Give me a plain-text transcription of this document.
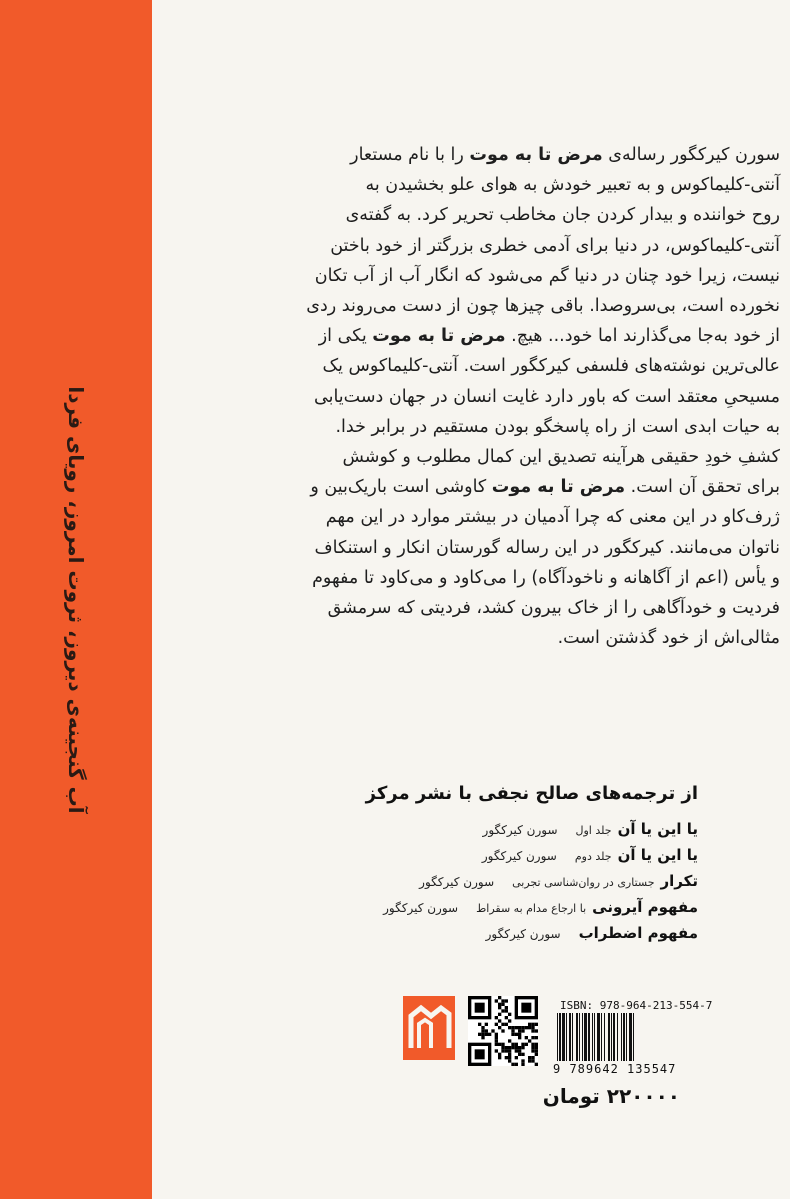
آب گنجینه‌ی دیروز، ثروت امروز، رویای فردا
سورن کیرکگور رساله‌ی مرض تا به موت را با نام مستعار
آنتی-کلیماکوس و به تعبیر خودش به هوای علو بخشیدن به
روح خواننده و بیدار کردن جان مخاطب تحریر کرد. به گفته‌ی
آنتی-کلیماکوس، در دنیا برای آدمی خطری بزرگتر از خود باختن
نیست، زیرا خود چنان در دنیا گم می‌شود که انگار آب از آب تکان
نخورده است، بی‌سروصدا. باقی چیزها چون از دست می‌روند ردی
از خود به‌جا می‌گذارند اما خود... هیچ. مرض تا به موت یکی از
عالی‌ترین نوشته‌های فلسفی کیرکگور است. آنتی-کلیماکوس یک
مسیحیِ معتقد است که باور دارد غایت انسان در جهان دست‌یابی
به حیات ابدی است از راه پاسخگو بودن مستقیم در برابر خدا.
کشفِ خودِ حقیقی هرآینه تصدیق این کمال مطلوب و کوشش
برای تحقق آن است. مرض تا به موت کاوشی است باریک‌بین و
ژرف‌کاو در این معنی که چرا آدمیان در بیشتر موارد در این مهم
ناتوان می‌مانند. کیرکگور در این رساله گورستان انکار و استنکاف
و یأس (اعم از آگاهانه و ناخودآگاه) را می‌کاود و می‌کاود تا مفهوم
فردیت و خودآگاهی را از خاک بیرون کشد، فردیتی که سرمشق
مثالی‌اش از خود گذشتن است.
از ترجمه‌های صالح نجفی با نشر مرکز
یا این یا آن
جلد اول
سورن کیرکگور
یا این یا آن
جلد دوم
سورن کیرکگور
تکرار
جستاری در روان‌شناسی تجربی
سورن کیرکگور
مفهوم آیرونی
با ارجاع مدام به سقراط
سورن کیرکگور
مفهوم اضطراب
سورن کیرکگور
ISBN: 978-964-213-554-7
9 789642 135547
۲۲۰۰۰۰ تومان
